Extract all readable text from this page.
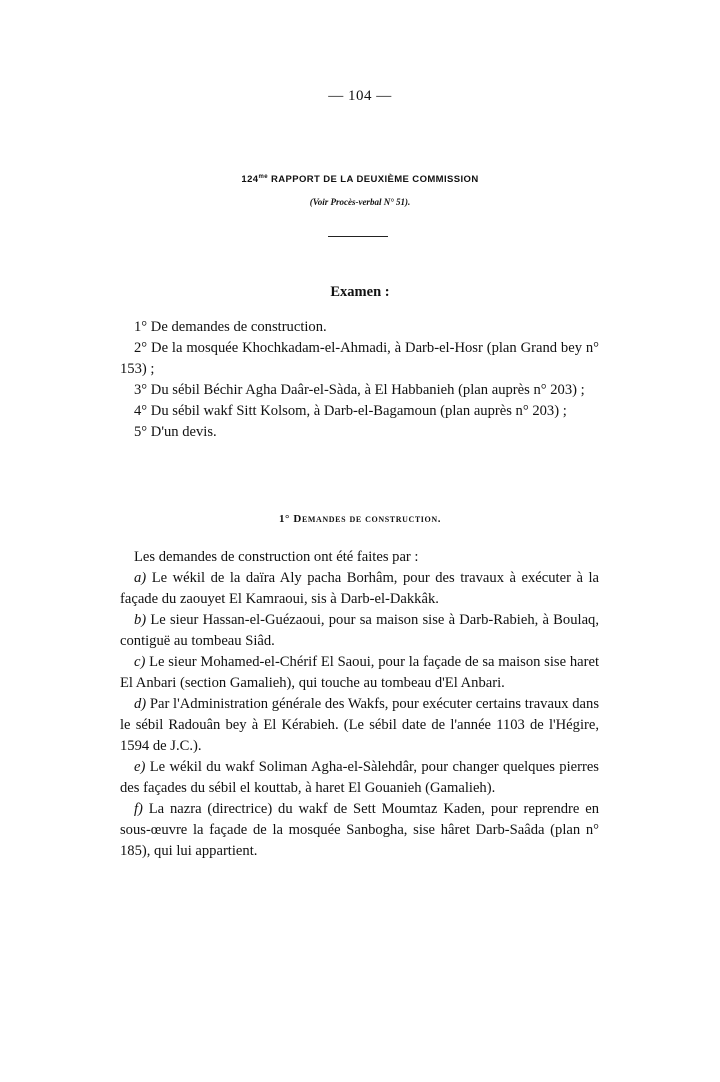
— 104 —
$124^{me}$ RAPPORT DE LA DEUXIÈME COMMISSION
(Voir Procès-verbal N° 51).
Examen :

1° De demandes de construction.

2° De la mosquée Khochkadam-el-Ahmadi, à Darb-el-Hosr (plan Grand bey n° 153) ;

3° Du sébil Béchir Agha Daâr-el-Sàda, à El Habbanieh (plan auprès n° 203) ;

4° Du sébil wakf Sitt Kolsom, à Darb-el-Bagamoun (plan auprès n° 203) ;

5° D'un devis.

1° Demandes de construction.

Les demandes de construction ont été faites par :

a) Le wékil de la daïra Aly pacha Borhâm, pour des travaux à exécuter à la façade du zaouyet El Kamraoui, sis à Darb-el-Dakkâk.

b) Le sieur Hassan-el-Guézaoui, pour sa maison sise à Darb-Rabieh, à Boulaq, contiguë au tombeau Siâd.

c) Le sieur Mohamed-el-Chérif El Saoui, pour la façade de sa maison sise haret El Anbari (section Gamalieh), qui touche au tombeau d'El Anbari.

d) Par l'Administration générale des Wakfs, pour exécuter certains travaux dans le sébil Radouân bey à El Kérabieh. (Le sébil date de l'année 1103 de l'Hégire, 1594 de J.C.).

e) Le wékil du wakf Soliman Agha-el-Sàlehdâr, pour changer quelques pierres des façades du sébil el kouttab, à haret El Gouanieh (Gamalieh).

f) La nazra (directrice) du wakf de Sett Moumtaz Kaden, pour reprendre en sous-œuvre la façade de la mosquée Sanbogha, sise hâret Darb-Saâda (plan n° 185), qui lui appartient.
